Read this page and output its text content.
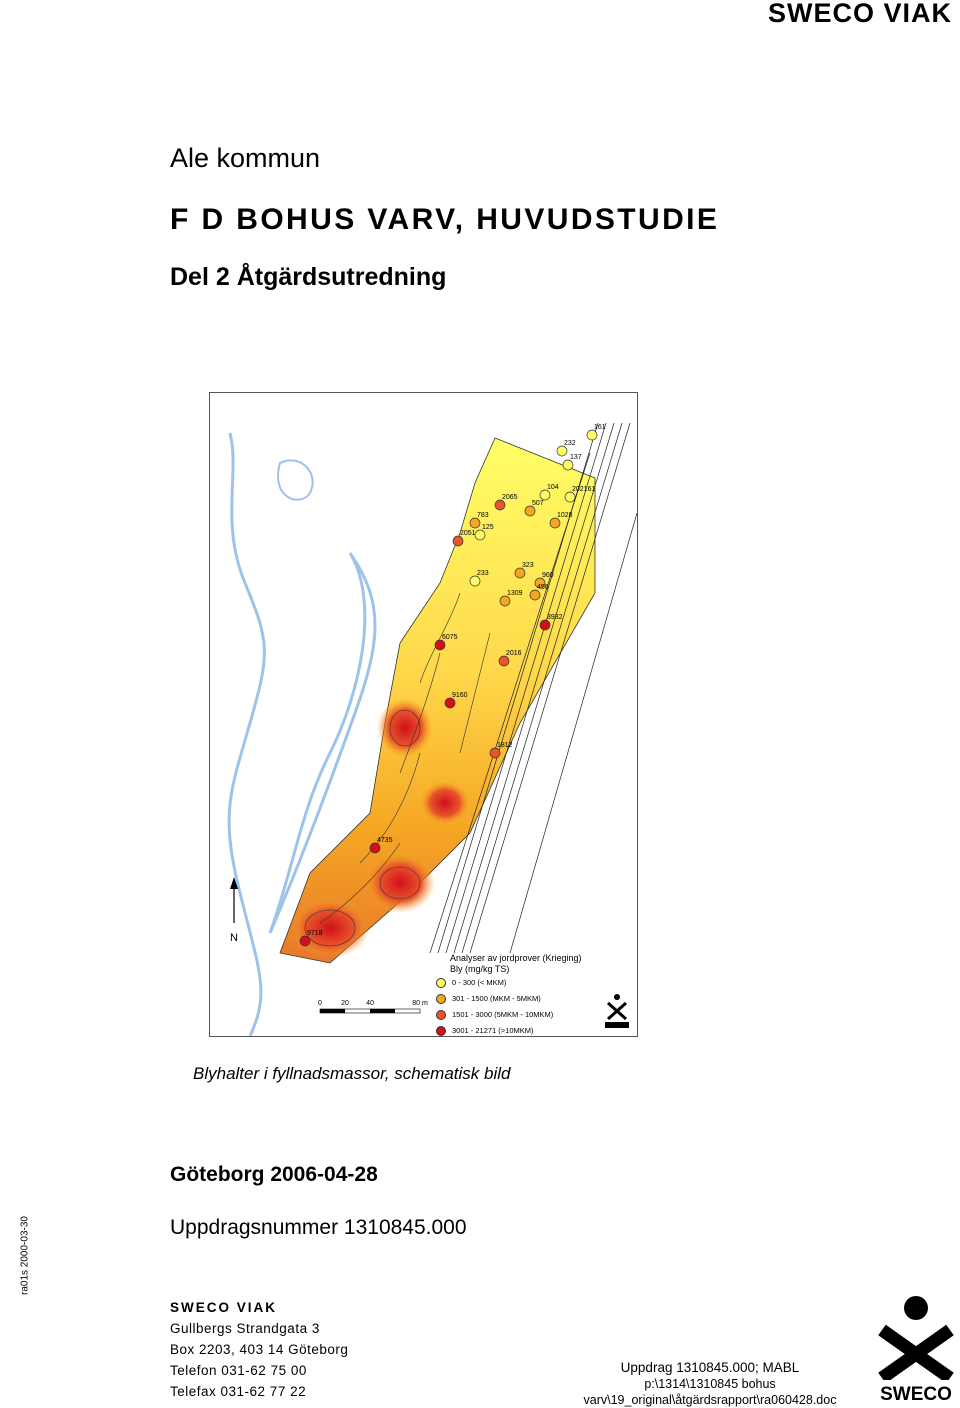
SWECO VIAK
Ale kommun
F D BOHUS VARV, HUVUDSTUDIE
Del 2 Åtgärdsutredning
161
232
137
104
2065
507
202161
783	1028
125
2051
323
233	960
456
1309
3932
6075
2016
9160
1812
4735
9718
N
0	20 40	80 m
Analyser av jordprover (Krieging)
Bly (mg/kg TS)
0 - 300 (< MKM)
301 - 1500 (MKM - 5MKM)
1501 - 3000 (5MKM - 10MKM)
3001 - 21271 (>10MKM)
Blyhalter i fyllnadsmassor, schematisk bild
Göteborg 2006-04-28
Uppdragsnummer 1310845.000
ra01s 2000-03-30
SWECO VIAK
Gullbergs Strandgata 3
Box 2203, 403 14 Göteborg
Telefon 031-62 75 00
Telefax 031-62 77 22
Uppdrag 1310845.000; MABL
p:\1314\1310845 bohus
varv\19_original\åtgärdsrapport\ra060428.doc	SWECO
